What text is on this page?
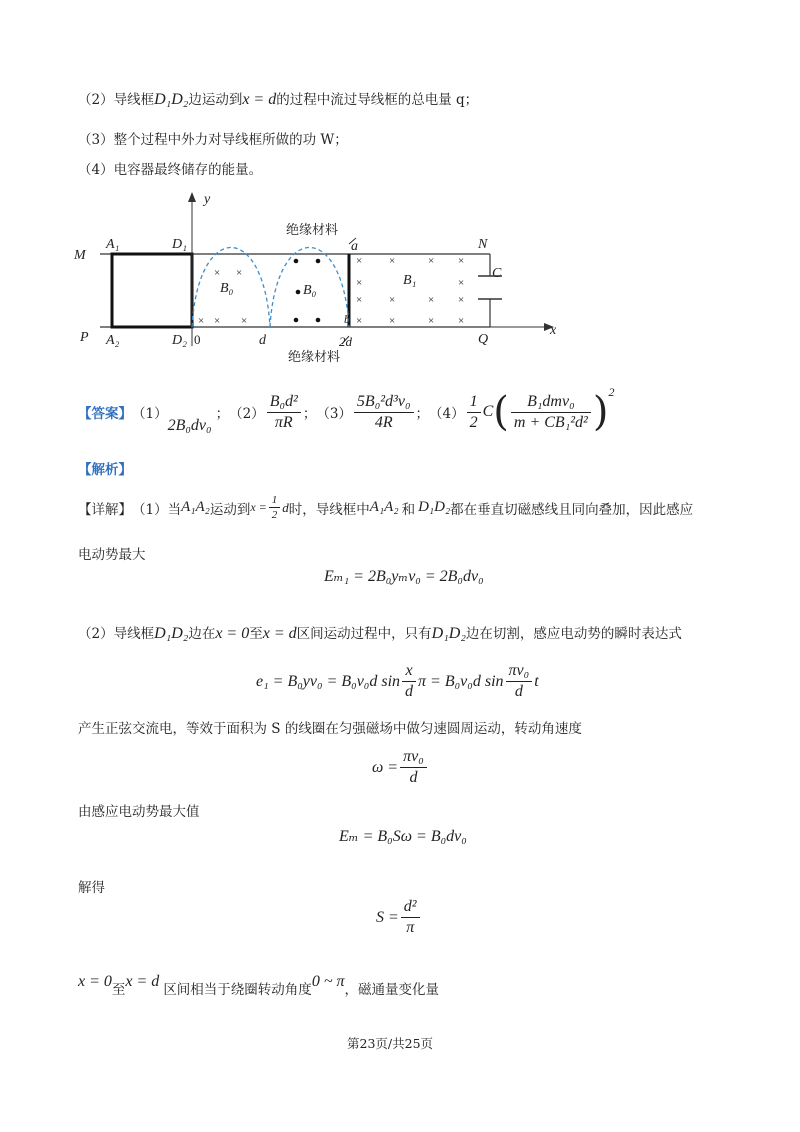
（2）导线框D₁D₂边运动到x = d的过程中流过导线框的总电量 q；
（3）整个过程中外力对导线框所做的功 W；
（4）电容器最终储存的能量。
× ×
× ×
×
× ×	× ×
×	×
× ×	× ×
× ×	× ×
y
x
M
P
N
Q
A₁
A₂
D₁
D₂
a
b
C
B₀	B₀
B₁
d
0	2d
绝缘材料
绝缘材料
【答案】 （1）
2B₀dv₀
； $(2) \frac{\text{B₀d²}}{\pi R}$ ； $(3) \frac{\text{5B₀²d³v₀}}{4R}$ ； $(4) \frac{1}{2}$ C ( $\frac{\text{B₁dmv₀}}{\text{m + CB₁²d²}}$ ) 2
【解析】
【详解】 （1）当 A₁A₂ 运动到 $x = \frac{1}{2}$ d 时，导线框中 A₁A₂ 和 D₁D₂ 都在垂直切磁感线且同向叠加，因此感应
电动势最大
Eₘ₁ = 2B₀yₘv₀ = 2B₀dv₀
（2）导线框D₁D₂边在x = 0至x = d区间运动过程中，只有D₁D₂边在切割，感应电动势的瞬时表达式
e₁ = B₀yv₀ = B₀v₀d $\sin \frac{x}{d}$ π = B₀v₀d $\sin \frac{\text{πv₀}}{d}$ t
产生正弦交流电，等效于面积为 S 的线圈在匀强磁场中做匀速圆周运动，转动角速度
$\omega = \frac{\text{πv₀}}{d}$
由感应电动势最大值
Eₘ = B₀Sω = B₀dv₀
解得
$S = \frac{\text{d²}}{\pi}$
x = 0至x = d 区间相当于绕圈转动角度0 ~ π，磁通量变化量
第23页/共25页
